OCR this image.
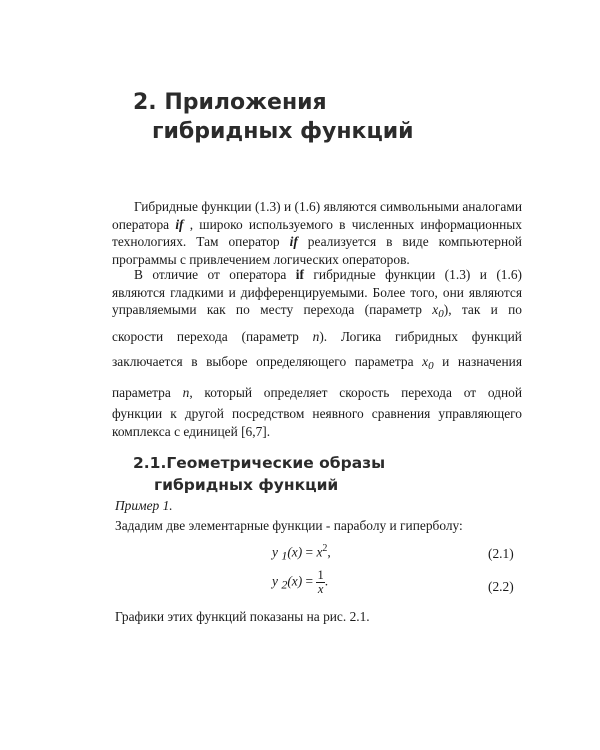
2. Приложения
гибридных функций
Гибридные функции (1.3) и (1.6) являются символьными аналогами
оператора if , широко используемого в численных информационных
технологиях. Там оператор if реализуется в виде компьютерной
программы с привлечением логических операторов.
В отличие от оператора if гибридные функции (1.3) и (1.6)
являются гладкими и дифференцируемыми. Более того, они являются
управляемыми как по месту перехода (параметр $x_0$), так и по
скорости перехода (параметр n). Логика гибридных функций
заключается в выборе определяющего параметра $x_0$ и назначения
параметра n, который определяет скорость перехода от одной
функции к другой посредством неявного сравнения управляющего
комплекса с единицей [6,7].
2.1.Геометрические образы
гибридных функций
Пример 1.
Зададим две элементарные функции - параболу и гиперболу:
y $_1(x) = x^2$,	(2.1)
y $_2(x) = \frac{1}{x}$ .	(2.2)
Графики этих функций показаны на рис. 2.1.
